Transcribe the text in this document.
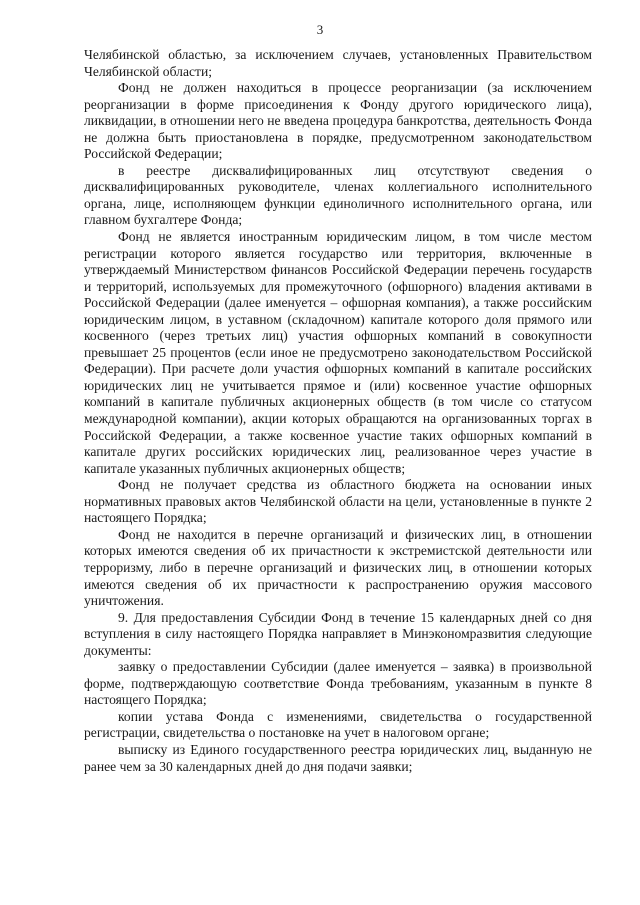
3

Челябинской областью, за исключением случаев, установленных Правительством Челябинской области;

Фонд не должен находиться в процессе реорганизации (за исключением реорганизации в форме присоединения к Фонду другого юридического лица), ликвидации, в отношении него не введена процедура банкротства, деятельность Фонда не должна быть приостановлена в порядке, предусмотренном законодательством Российской Федерации;

в реестре дисквалифицированных лиц отсутствуют сведения о дисквалифицированных руководителе, членах коллегиального исполнительного органа, лице, исполняющем функции единоличного исполнительного органа, или главном бухгалтере Фонда;

Фонд не является иностранным юридическим лицом, в том числе местом регистрации которого является государство или территория, включенные в утверждаемый Министерством финансов Российской Федерации перечень государств и территорий, используемых для промежуточного (офшорного) владения активами в Российской Федерации (далее именуется – офшорная компания), а также российским юридическим лицом, в уставном (складочном) капитале которого доля прямого или косвенного (через третьих лиц) участия офшорных компаний в совокупности превышает 25 процентов (если иное не предусмотрено законодательством Российской Федерации). При расчете доли участия офшорных компаний в капитале российских юридических лиц не учитывается прямое и (или) косвенное участие офшорных компаний в капитале публичных акционерных обществ (в том числе со статусом международной компании), акции которых обращаются на организованных торгах в Российской Федерации, а также косвенное участие таких офшорных компаний в капитале других российских юридических лиц, реализованное через участие в капитале указанных публичных акционерных обществ;

Фонд не получает средства из областного бюджета на основании иных нормативных правовых актов Челябинской области на цели, установленные в пункте 2 настоящего Порядка;

Фонд не находится в перечне организаций и физических лиц, в отношении которых имеются сведения об их причастности к экстремистской деятельности или терроризму, либо в перечне организаций и физических лиц, в отношении которых имеются сведения об их причастности к распространению оружия массового уничтожения.

9. Для предоставления Субсидии Фонд в течение 15 календарных дней со дня вступления в силу настоящего Порядка направляет в Минэкономразвития следующие документы:

заявку о предоставлении Субсидии (далее именуется – заявка) в произвольной форме, подтверждающую соответствие Фонда требованиям, указанным в пункте 8 настоящего Порядка;

копии устава Фонда с изменениями, свидетельства о государственной регистрации, свидетельства о постановке на учет в налоговом органе;

выписку из Единого государственного реестра юридических лиц, выданную не ранее чем за 30 календарных дней до дня подачи заявки;
